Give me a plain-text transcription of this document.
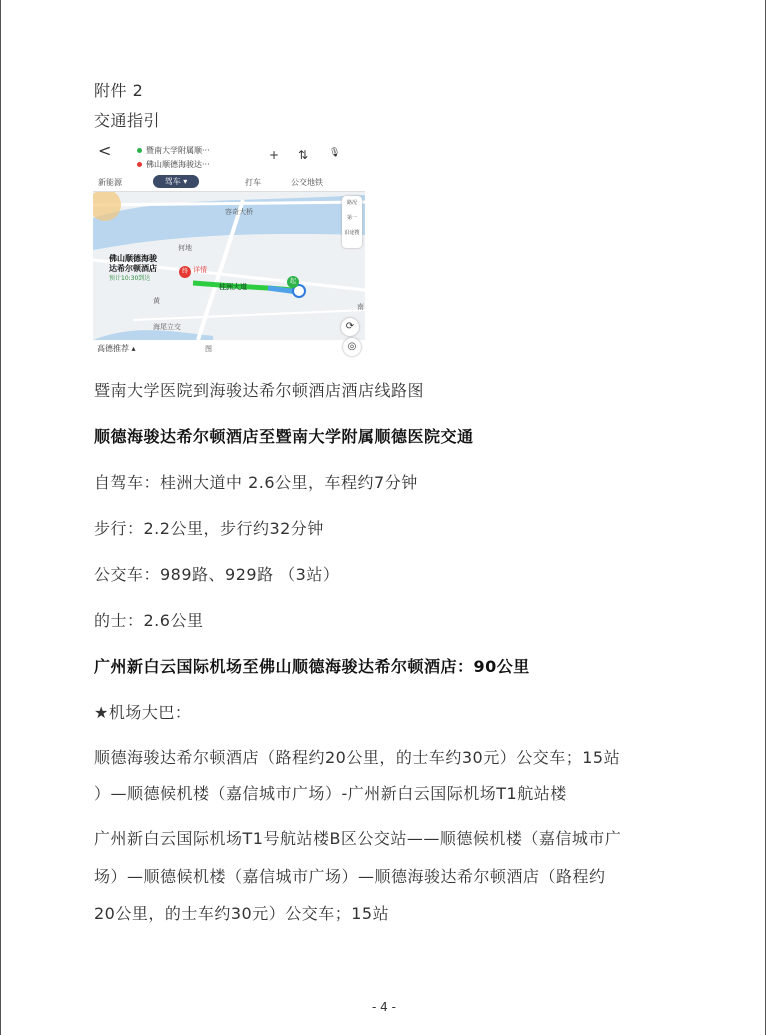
附件 2
交通指引
<	暨南大学附属顺···
佛山顺德海骏达···
+ ⇅ 🎙
新能源	驾车 ▾	打车	公交地铁
路况
第一
沿途搜
容奇大桥
何地
黄
南
海尾立交
桂洲大道
佛山顺德海骏
达希尔顿酒店
预计10:30到达
终 详情
起
⟳
高德推荐 ▴	图	◎
暨南大学医院到海骏达希尔顿酒店酒店线路图
顺德海骏达希尔顿酒店至暨南大学附属顺德医院交通
自驾车：桂洲大道中 2.6公里，车程约7分钟
步行：2.2公里，步行约32分钟
公交车：989路、929路 （3站）
的士：2.6公里
广州新白云国际机场至佛山顺德海骏达希尔顿酒店：90公里
★机场大巴：
顺德海骏达希尔顿酒店（路程约20公里，的士车约30元）公交车；15站
）—顺德候机楼（嘉信城市广场）-广州新白云国际机场T1航站楼
广州新白云国际机场T1号航站楼B区公交站——顺德候机楼（嘉信城市广
场）—顺德候机楼（嘉信城市广场）—顺德海骏达希尔顿酒店（路程约
20公里，的士车约30元）公交车；15站
- 4 -
